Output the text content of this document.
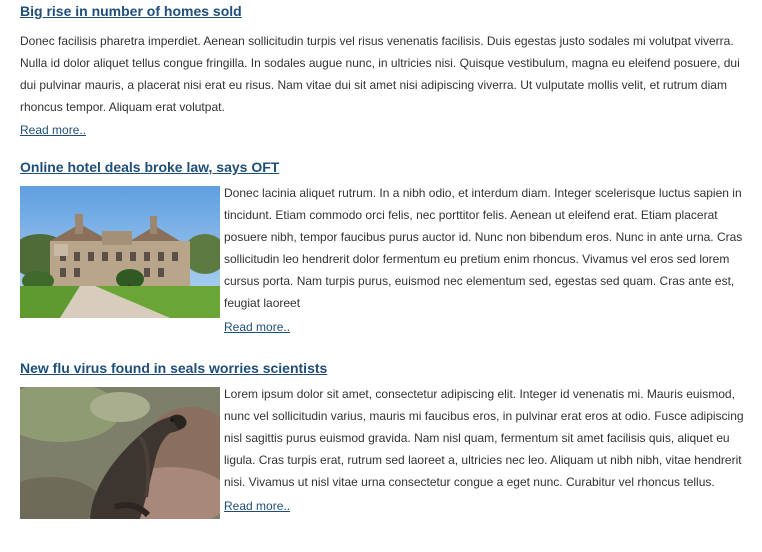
Big rise in number of homes sold

Donec facilisis pharetra imperdiet. Aenean sollicitudin turpis vel risus venenatis facilisis. Duis egestas justo sodales mi volutpat viverra. Nulla id dolor aliquet tellus congue fringilla. In sodales augue nunc, in ultricies nisi. Quisque vestibulum, magna eu eleifend posuere, dui dui pulvinar mauris, a placerat nisi erat eu risus. Nam vitae dui sit amet nisi adipiscing viverra. Ut vulputate mollis velit, et rutrum diam rhoncus tempor. Aliquam erat volutpat.

Read more..
Online hotel deals broke law, says OFT

Donec lacinia aliquet rutrum. In a nibh odio, et interdum diam. Integer scelerisque luctus sapien in tincidunt. Etiam commodo orci felis, nec porttitor felis. Aenean ut eleifend erat. Etiam placerat posuere nibh, tempor faucibus purus auctor id. Nunc non bibendum eros. Nunc in ante urna. Cras sollicitudin leo hendrerit dolor fermentum eu pretium enim rhoncus. Vivamus vel eros sed lorem cursus porta. Nam turpis purus, euismod nec elementum sed, egestas sed quam. Cras ante est, feugiat laoreet

Read more..
New flu virus found in seals worries scientists

Lorem ipsum dolor sit amet, consectetur adipiscing elit. Integer id venenatis mi. Mauris euismod, nunc vel sollicitudin varius, mauris mi faucibus eros, in pulvinar erat eros at odio. Fusce adipiscing nisl sagittis purus euismod gravida. Nam nisl quam, fermentum sit amet facilisis quis, aliquet eu ligula. Cras turpis erat, rutrum sed laoreet a, ultricies nec leo. Aliquam ut nibh nibh, vitae hendrerit nisi. Vivamus ut nisl vitae urna consectetur congue a eget nunc. Curabitur vel rhoncus tellus.

Read more..
